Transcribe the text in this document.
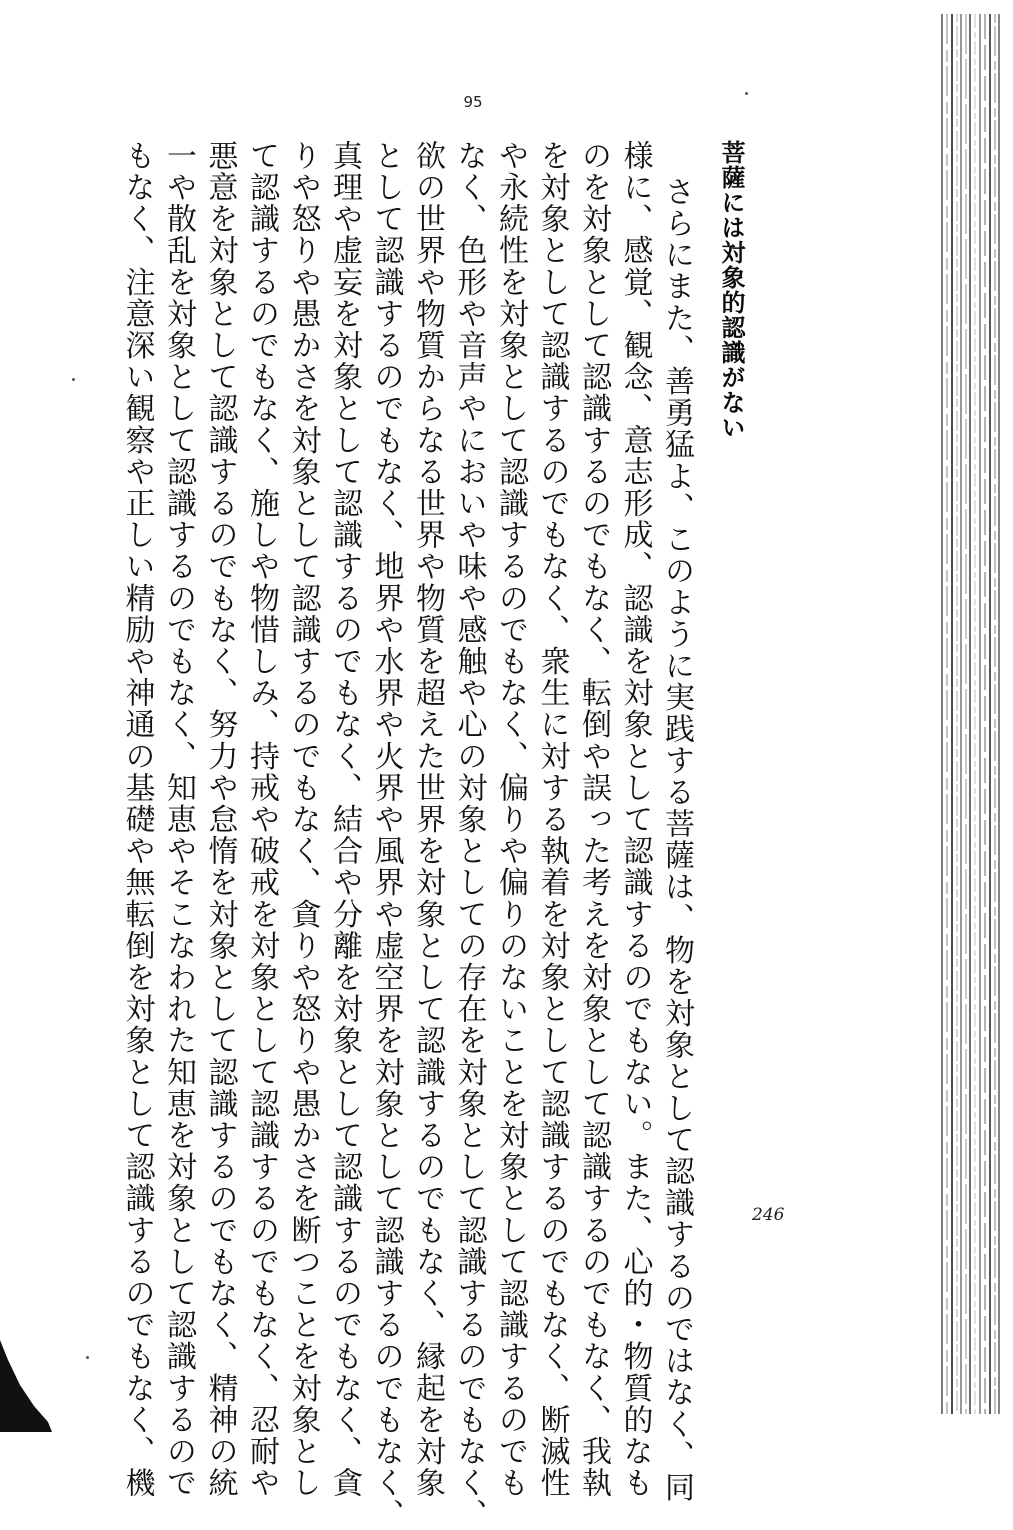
95
菩薩には対象的認識がない
さらにまた、善勇猛よ、このように実践する菩薩は、物を対象として認識するのではなく、同
様に、感覚、観念、意志形成、認識を対象として認識するのでもない。また、心的・物質的なも
のを対象として認識するのでもなく、転倒や誤った考えを対象として認識するのでもなく、我執
を対象として認識するのでもなく、衆生に対する執着を対象として認識するのでもなく、断滅性
や永続性を対象として認識するのでもなく、偏りや偏りのないことを対象として認識するのでも
なく、色形や音声やにおいや味や感触や心の対象としての存在を対象として認識するのでもなく、
欲の世界や物質からなる世界や物質を超えた世界を対象として認識するのでもなく、縁起を対象
として認識するのでもなく、地界や水界や火界や風界や虚空界を対象として認識するのでもなく、
真理や虚妄を対象として認識するのでもなく、結合や分離を対象として認識するのでもなく、貪
りや怒りや愚かさを対象として認識するのでもなく、貪りや怒りや愚かさを断つことを対象とし
て認識するのでもなく、施しや物惜しみ、持戒や破戒を対象として認識するのでもなく、忍耐や
悪意を対象として認識するのでもなく、努力や怠惰を対象として認識するのでもなく、精神の統
一や散乱を対象として認識するのでもなく、知恵やそこなわれた知恵を対象として認識するので
もなく、注意深い観察や正しい精励や神通の基礎や無転倒を対象として認識するのでもなく、機	246
